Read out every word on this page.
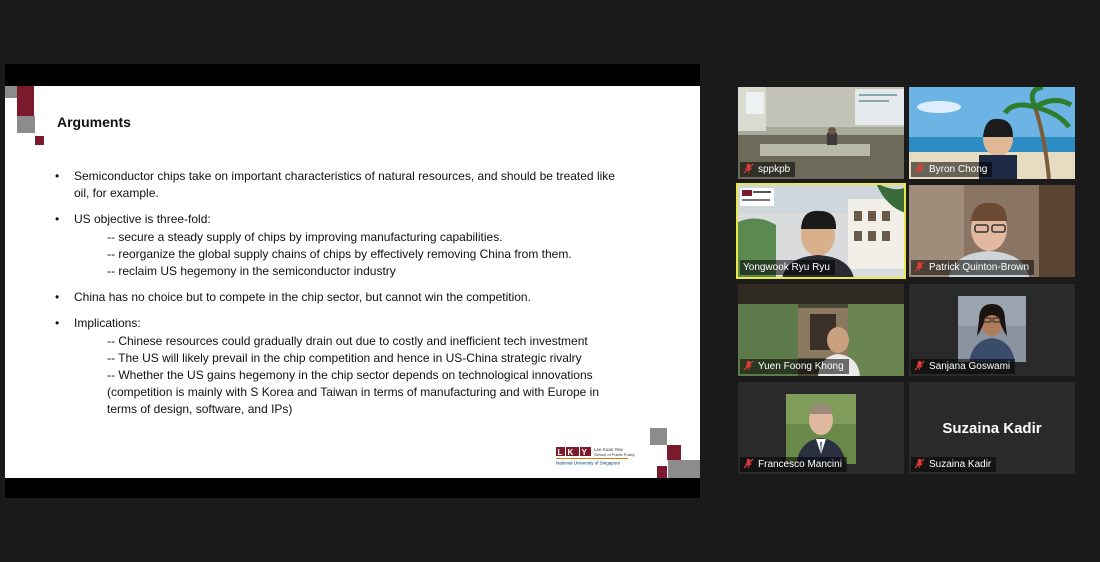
Arguments
• Semiconductor chips take on important characteristics of natural resources, and should be treated like
oil, for example.
• US objective is three-fold:
-- secure a steady supply of chips by improving manufacturing capabilities.
-- reorganize the global supply chains of chips by effectively removing China from them.
-- reclaim US hegemony in the semiconductor industry
• China has no choice but to compete in the chip sector, but cannot win the competition.
• Implications:
-- Chinese resources could gradually drain out due to costly and inefficient tech investment
-- The US will likely prevail in the chip competition and hence in US-China strategic rivalry
-- Whether the US gains hegemony in the chip sector depends on technological innovations
(competition is mainly with S Korea and Taiwan in terms of manufacturing and with Europe in
terms of design, software, and IPs)
K Y
L	Lee Kuan Yew
School of Public Policy
National University of Singapore
sppkpb	Byron Chong
Yongwook Ryu Ryu	Patrick Quinton-Brown
Yuen Foong Khong	Sanjana Goswami
Francesco Mancini
Suzaina Kadir
Suzaina Kadir
